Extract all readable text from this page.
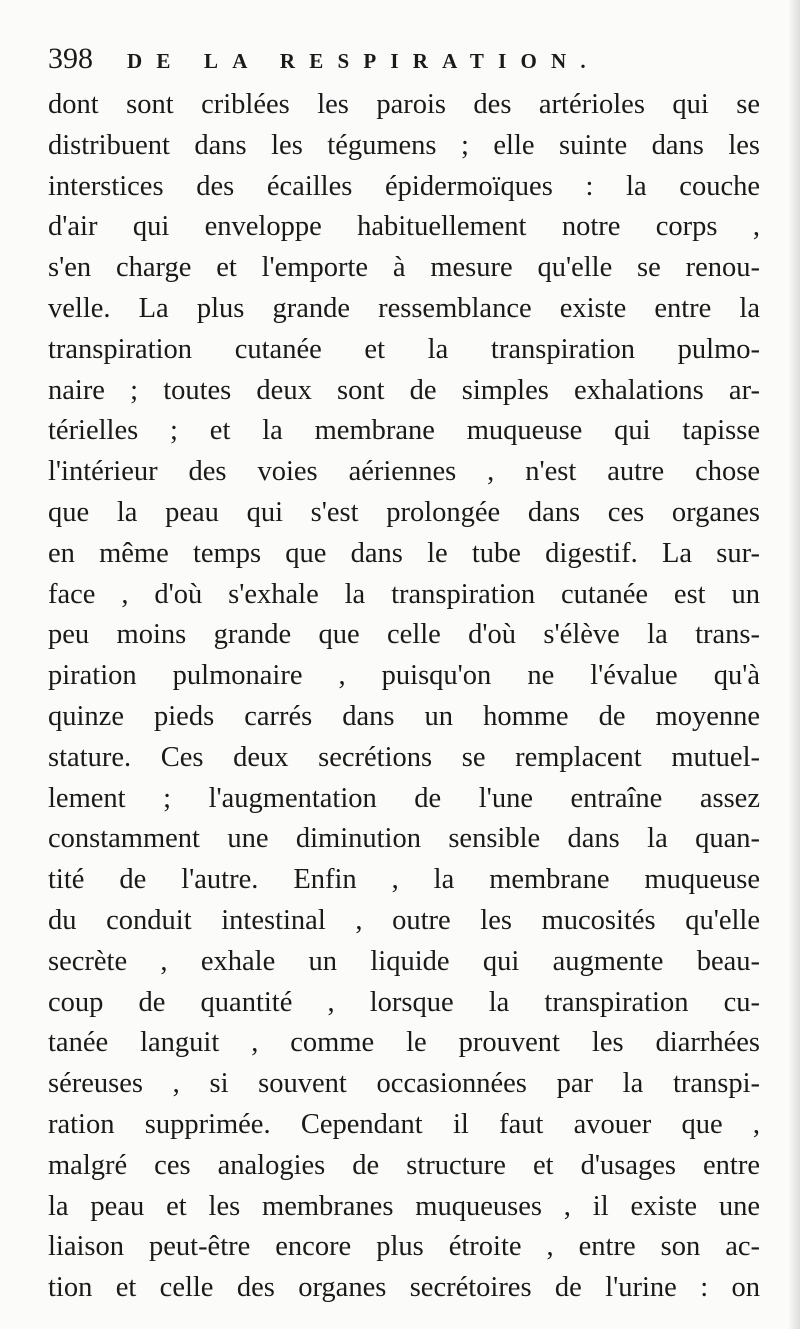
398 DE LA RESPIRATION.
dont sont criblées les parois des artérioles qui se
distribuent dans les tégumens ; elle suinte dans les
interstices des écailles épidermoïques : la couche
d'air qui enveloppe habituellement notre corps ,
s'en charge et l'emporte à mesure qu'elle se renou-
velle. La plus grande ressemblance existe entre la
transpiration cutanée et la transpiration pulmo-
naire ; toutes deux sont de simples exhalations ar-
térielles ; et la membrane muqueuse qui tapisse
l'intérieur des voies aériennes , n'est autre chose
que la peau qui s'est prolongée dans ces organes
en même temps que dans le tube digestif. La sur-
face , d'où s'exhale la transpiration cutanée est un
peu moins grande que celle d'où s'élève la trans-
piration pulmonaire , puisqu'on ne l'évalue qu'à
quinze pieds carrés dans un homme de moyenne
stature. Ces deux secrétions se remplacent mutuel-
lement ; l'augmentation de l'une entraîne assez
constamment une diminution sensible dans la quan-
tité de l'autre. Enfin , la membrane muqueuse
du conduit intestinal , outre les mucosités qu'elle
secrète , exhale un liquide qui augmente beau-
coup de quantité , lorsque la transpiration cu-
tanée languit , comme le prouvent les diarrhées
séreuses , si souvent occasionnées par la transpi-
ration supprimée. Cependant il faut avouer que ,
malgré ces analogies de structure et d'usages entre
la peau et les membranes muqueuses , il existe une
liaison peut-être encore plus étroite , entre son ac-
tion et celle des organes secrétoires de l'urine : on
